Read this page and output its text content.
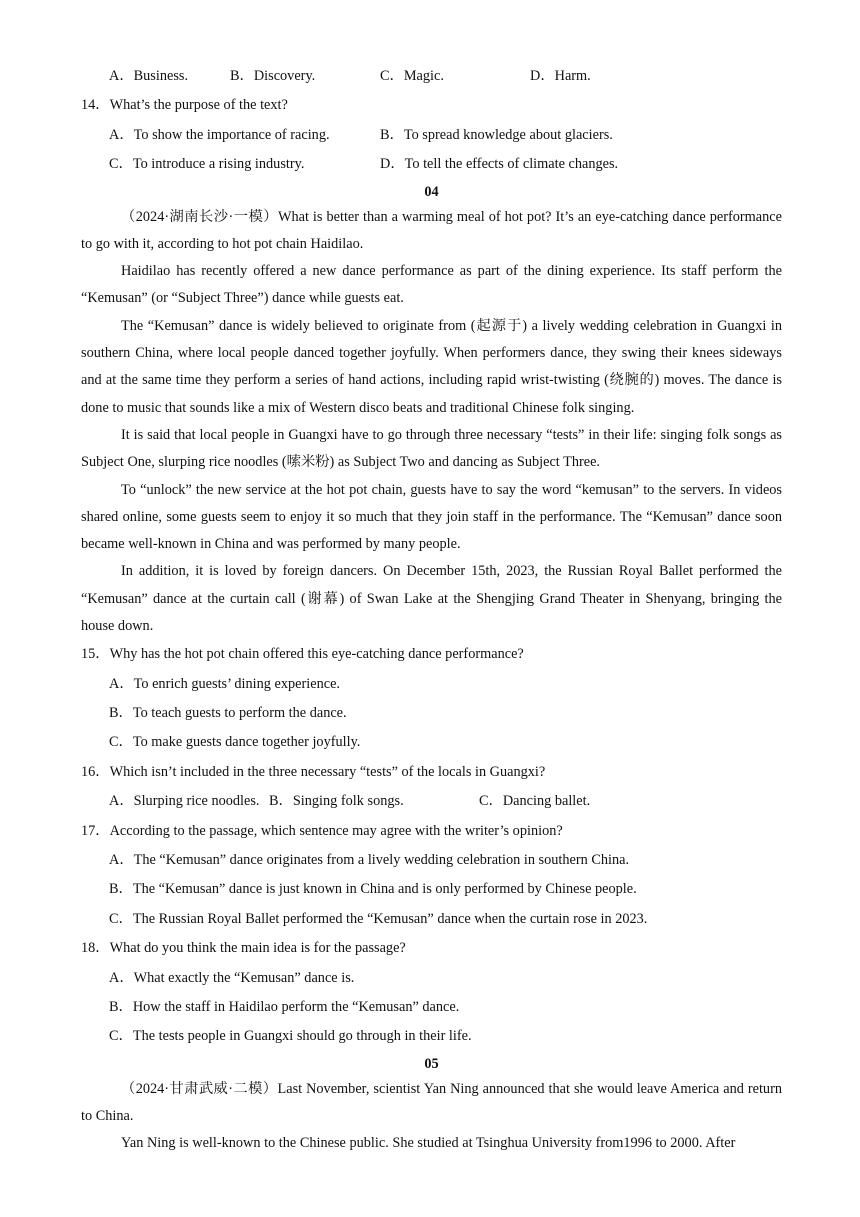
A．Business.	B．Discovery.	C．Magic.	D．Harm.
14．What’s the purpose of the text?
A．To show the importance of racing.	B．To spread knowledge about glaciers.
C．To introduce a rising industry.	D．To tell the effects of climate changes.
04

（2024·湖南长沙·一模）What is better than a warming meal of hot pot? It’s an eye-catching dance performance to go with it, according to hot pot chain Haidilao.

Haidilao has recently offered a new dance performance as part of the dining experience. Its staff perform the “Kemusan” (or “Subject Three”) dance while guests eat.

The “Kemusan” dance is widely believed to originate from (起源于) a lively wedding celebration in Guangxi in southern China, where local people danced together joyfully. When performers dance, they swing their knees sideways and at the same time they perform a series of hand actions, including rapid wrist-twisting (绕腕的) moves. The dance is done to music that sounds like a mix of Western disco beats and traditional Chinese folk singing.

It is said that local people in Guangxi have to go through three necessary “tests” in their life: singing folk songs as Subject One, slurping rice noodles (嗦米粉) as Subject Two and dancing as Subject Three.

To “unlock” the new service at the hot pot chain, guests have to say the word “kemusan” to the servers. In videos shared online, some guests seem to enjoy it so much that they join staff in the performance. The “Kemusan” dance soon became well-known in China and was performed by many people.

In addition, it is loved by foreign dancers. On December 15th, 2023, the Russian Royal Ballet performed the “Kemusan” dance at the curtain call (谢幕) of Swan Lake at the Shengjing Grand Theater in Shenyang, bringing the house down.

15．Why has the hot pot chain offered this eye-catching dance performance?
A．To enrich guests’ dining experience.
B．To teach guests to perform the dance.
C．To make guests dance together joyfully.
16．Which isn’t included in the three necessary “tests” of the locals in Guangxi?
A．Slurping rice noodles. B．Singing folk songs.	C．Dancing ballet.
17．According to the passage, which sentence may agree with the writer’s opinion?
A．The “Kemusan” dance originates from a lively wedding celebration in southern China.
B．The “Kemusan” dance is just known in China and is only performed by Chinese people.
C．The Russian Royal Ballet performed the “Kemusan” dance when the curtain rose in 2023.
18．What do you think the main idea is for the passage?
A．What exactly the “Kemusan” dance is.
B．How the staff in Haidilao perform the “Kemusan” dance.
C．The tests people in Guangxi should go through in their life.
05

（2024·甘肃武威·二模）Last November, scientist Yan Ning announced that she would leave America and return to China.

Yan Ning is well-known to the Chinese public. She studied at Tsinghua University from1996 to 2000. After
